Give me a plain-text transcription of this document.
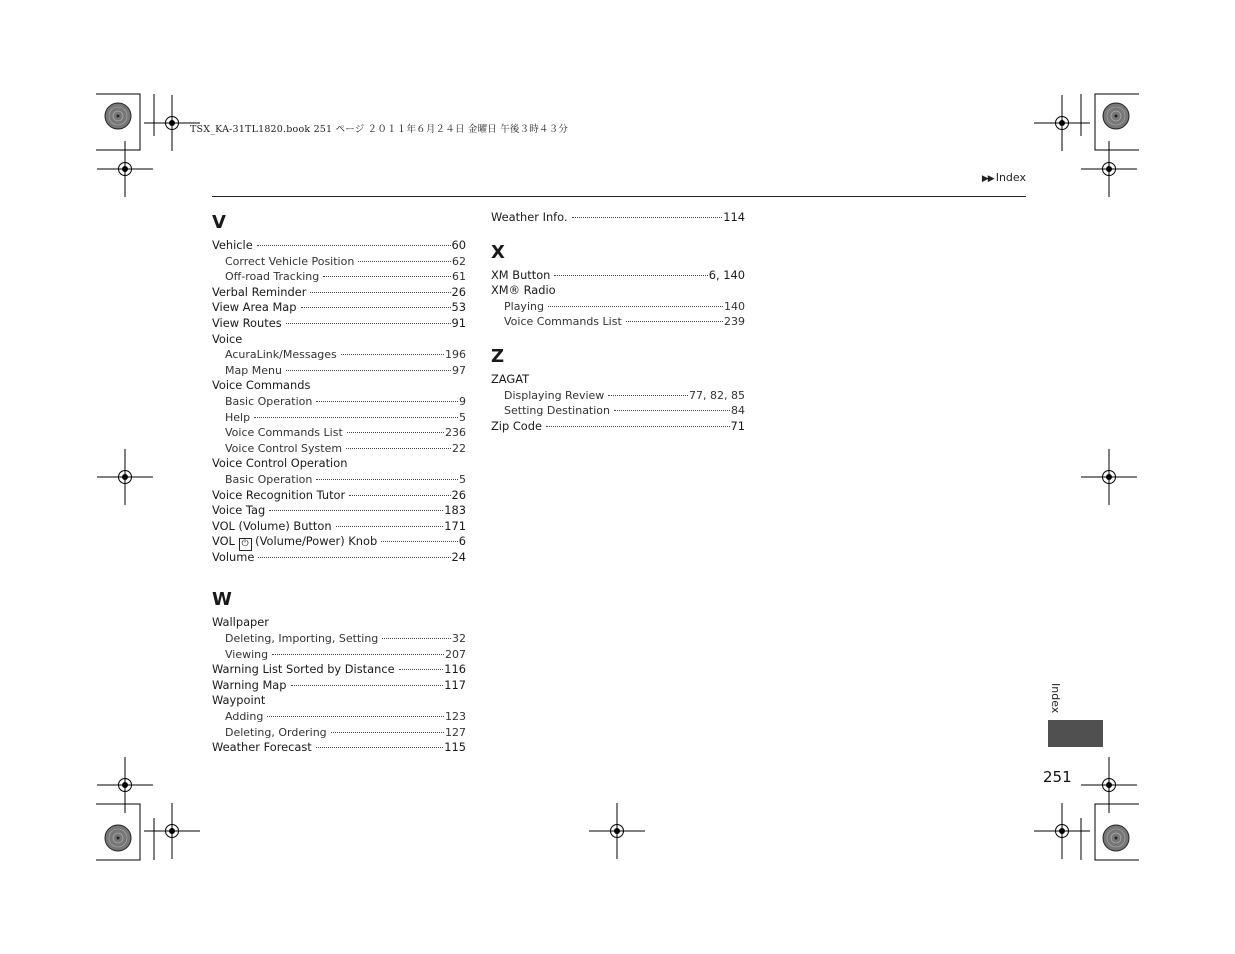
TSX_KA-31TL1820.book 251 ページ ２０１１年６月２４日 金曜日 午後３時４３分
▶▶ Index
V
Vehicle	60
Correct Vehicle Position	62
Off-road Tracking	61
Verbal Reminder	26
View Area Map	53
View Routes	91
Voice
AcuraLink/Messages	196
Map Menu	97
Voice Commands
Basic Operation	9
Help	5
Voice Commands List	236
Voice Control System	22
Voice Control Operation
Basic Operation	5
Voice Recognition Tutor	26
Voice Tag	183
VOL (Volume) Button	171
VOL ⏻ (Volume/Power) Knob	6
Volume	24
W
Wallpaper
Deleting, Importing, Setting	32
Viewing	207
Warning List Sorted by Distance	116
Warning Map	117
Waypoint
Adding	123
Deleting, Ordering	127
Weather Forecast	115
Weather Info.	114
X
XM Button	6, 140
XM® Radio
Playing	140
Voice Commands List	239
Z
ZAGAT
Displaying Review	77, 82, 85
Setting Destination	84
Zip Code	71
Index
251
